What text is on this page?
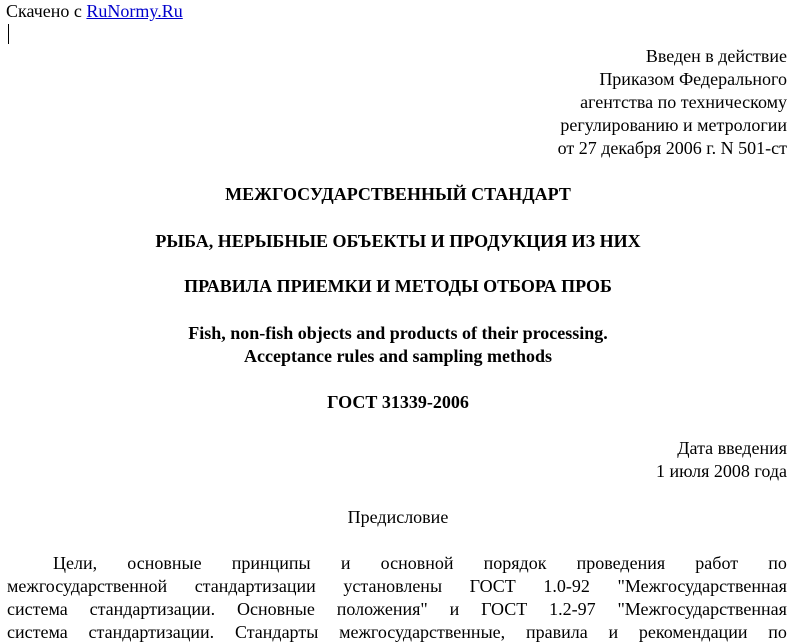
Скачено с RuNormy.Ru
Введен в действие
Приказом Федерального
агентства по техническому
регулированию и метрологии
от 27 декабря 2006 г. N 501-ст
МЕЖГОСУДАРСТВЕННЫЙ СТАНДАРТ
РЫБА, НЕРЫБНЫЕ ОБЪЕКТЫ И ПРОДУКЦИЯ ИЗ НИХ
ПРАВИЛА ПРИЕМКИ И МЕТОДЫ ОТБОРА ПРОБ
Fish, non-fish objects and products of their processing.
Acceptance rules and sampling methods
ГОСТ 31339-2006
Дата введения
1 июля 2008 года
Предисловие
Цели, основные принципы и основной порядок проведения работ по
межгосударственной стандартизации установлены ГОСТ 1.0-92 "Межгосударственная
система стандартизации. Основные положения" и ГОСТ 1.2-97 "Межгосударственная
система стандартизации. Стандарты межгосударственные, правила и рекомендации по
